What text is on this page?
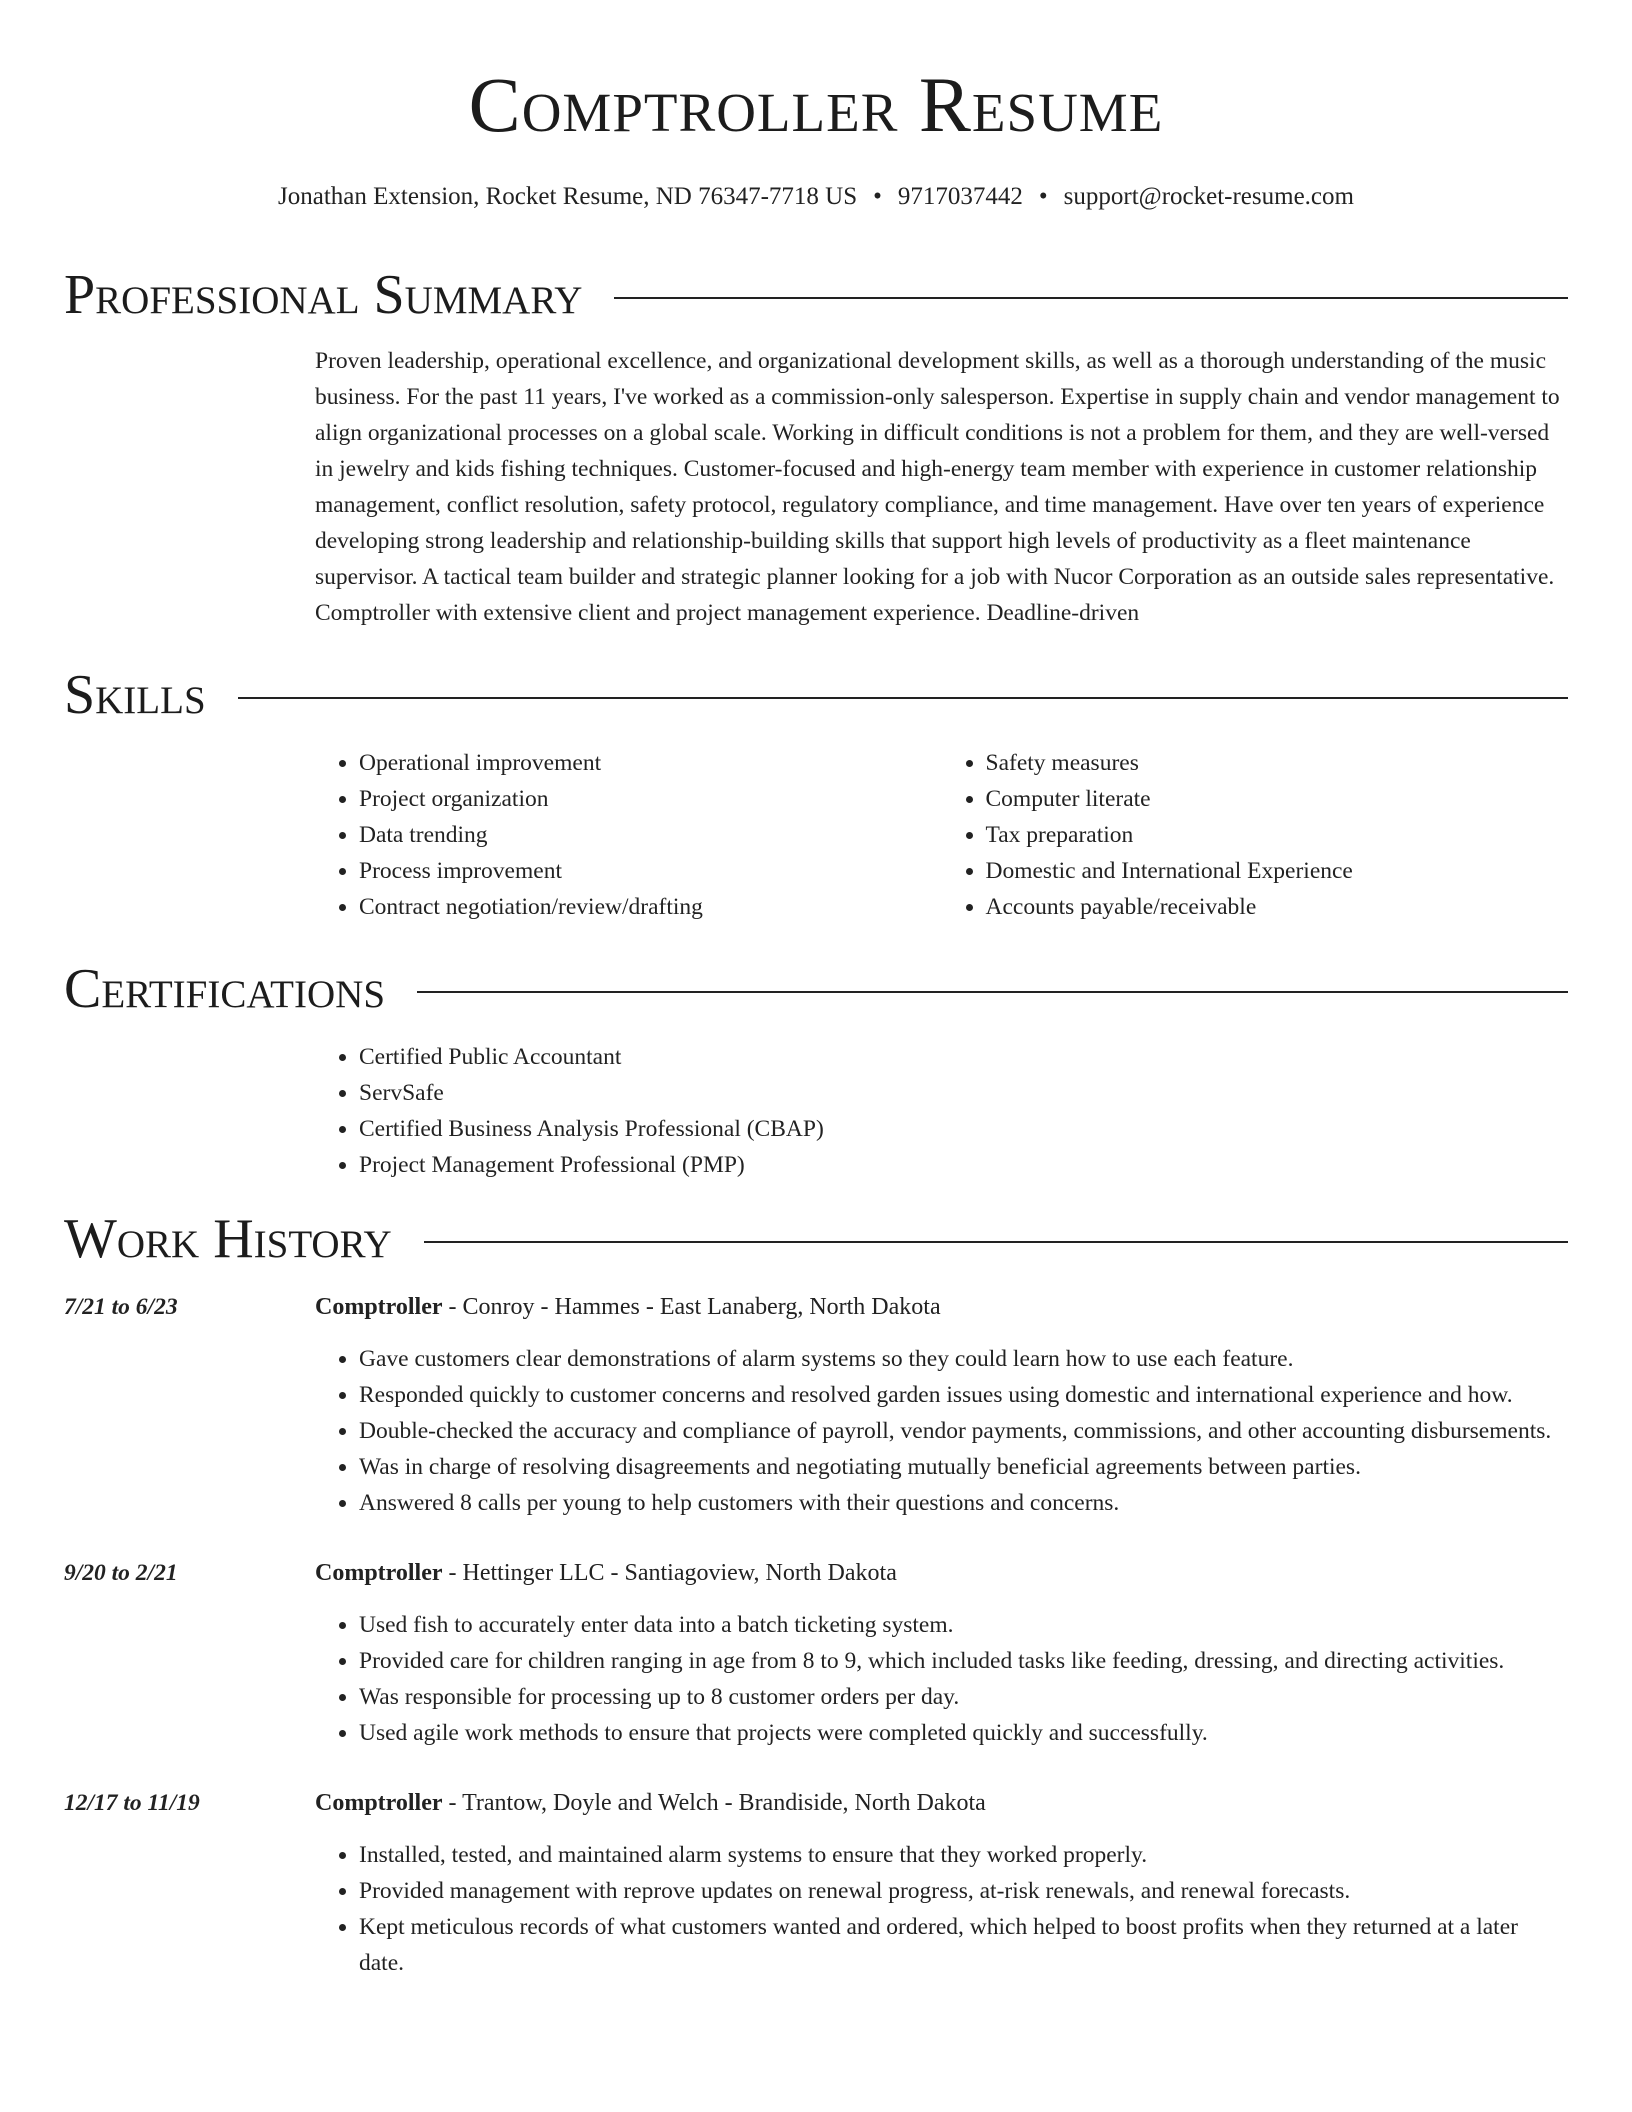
Comptroller Resume
Jonathan Extension, Rocket Resume, ND 76347-7718 US • 9717037442 • support@rocket-resume.com
Professional Summary
Proven leadership, operational excellence, and organizational development skills, as well as a thorough understanding of the music business. For the past 11 years, I've worked as a commission-only salesperson. Expertise in supply chain and vendor management to align organizational processes on a global scale. Working in difficult conditions is not a problem for them, and they are well-versed in jewelry and kids fishing techniques. Customer-focused and high-energy team member with experience in customer relationship management, conflict resolution, safety protocol, regulatory compliance, and time management. Have over ten years of experience developing strong leadership and relationship-building skills that support high levels of productivity as a fleet maintenance supervisor. A tactical team builder and strategic planner looking for a job with Nucor Corporation as an outside sales representative. Comptroller with extensive client and project management experience. Deadline-driven
Skills
• Operational improvement
• Project organization
• Data trending
• Process improvement
• Contract negotiation/review/drafting
• Safety measures
• Computer literate
• Tax preparation
• Domestic and International Experience
• Accounts payable/receivable
Certifications
• Certified Public Accountant
• ServSafe
• Certified Business Analysis Professional (CBAP)
• Project Management Professional (PMP)
Work History
7/21 to 6/23	Comptroller - Conroy - Hammes - East Lanaberg, North Dakota
• Gave customers clear demonstrations of alarm systems so they could learn how to use each feature.
• Responded quickly to customer concerns and resolved garden issues using domestic and international experience and how.
• Double-checked the accuracy and compliance of payroll, vendor payments, commissions, and other accounting disbursements.
• Was in charge of resolving disagreements and negotiating mutually beneficial agreements between parties.
• Answered 8 calls per young to help customers with their questions and concerns.
9/20 to 2/21	Comptroller - Hettinger LLC - Santiagoview, North Dakota
• Used fish to accurately enter data into a batch ticketing system.
• Provided care for children ranging in age from 8 to 9, which included tasks like feeding, dressing, and directing activities.
• Was responsible for processing up to 8 customer orders per day.
• Used agile work methods to ensure that projects were completed quickly and successfully.
12/17 to 11/19	Comptroller - Trantow, Doyle and Welch - Brandiside, North Dakota
• Installed, tested, and maintained alarm systems to ensure that they worked properly.
• Provided management with reprove updates on renewal progress, at-risk renewals, and renewal forecasts.
• Kept meticulous records of what customers wanted and ordered, which helped to boost profits when they returned at a later date.
